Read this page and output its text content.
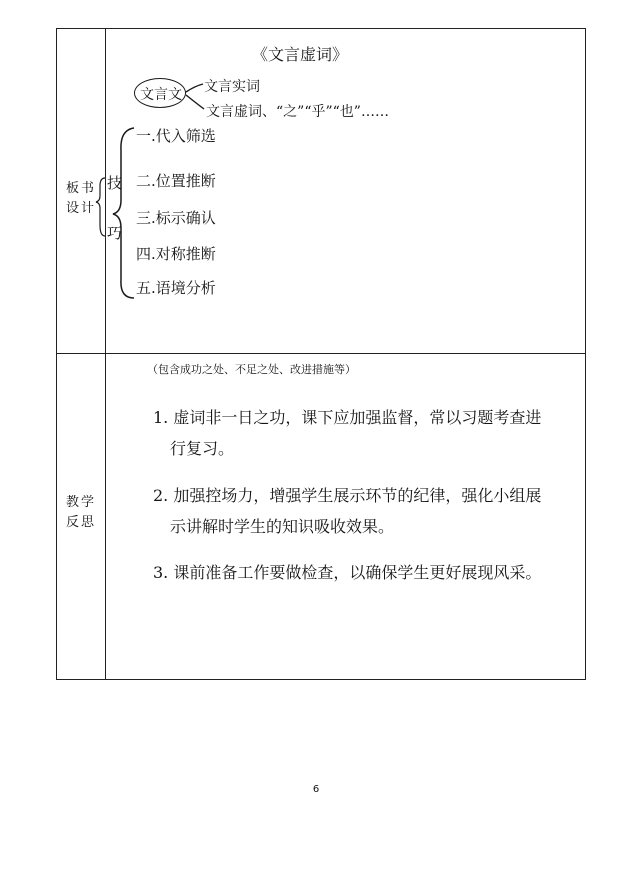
板书
设计
教学
反思
《文言虚词》
文言文 文言实词
文言虚词、“之”“乎”“也”……
技
巧
一.代入筛选
二.位置推断
三.标示确认
四.对称推断
五.语境分析
（包含成功之处、不足之处、改进措施等）
1. 虚词非一日之功，课下应加强监督，常以习题考查进
行复习。
2. 加强控场力，增强学生展示环节的纪律，强化小组展
示讲解时学生的知识吸收效果。
3. 课前准备工作要做检查，以确保学生更好展现风采。
6
